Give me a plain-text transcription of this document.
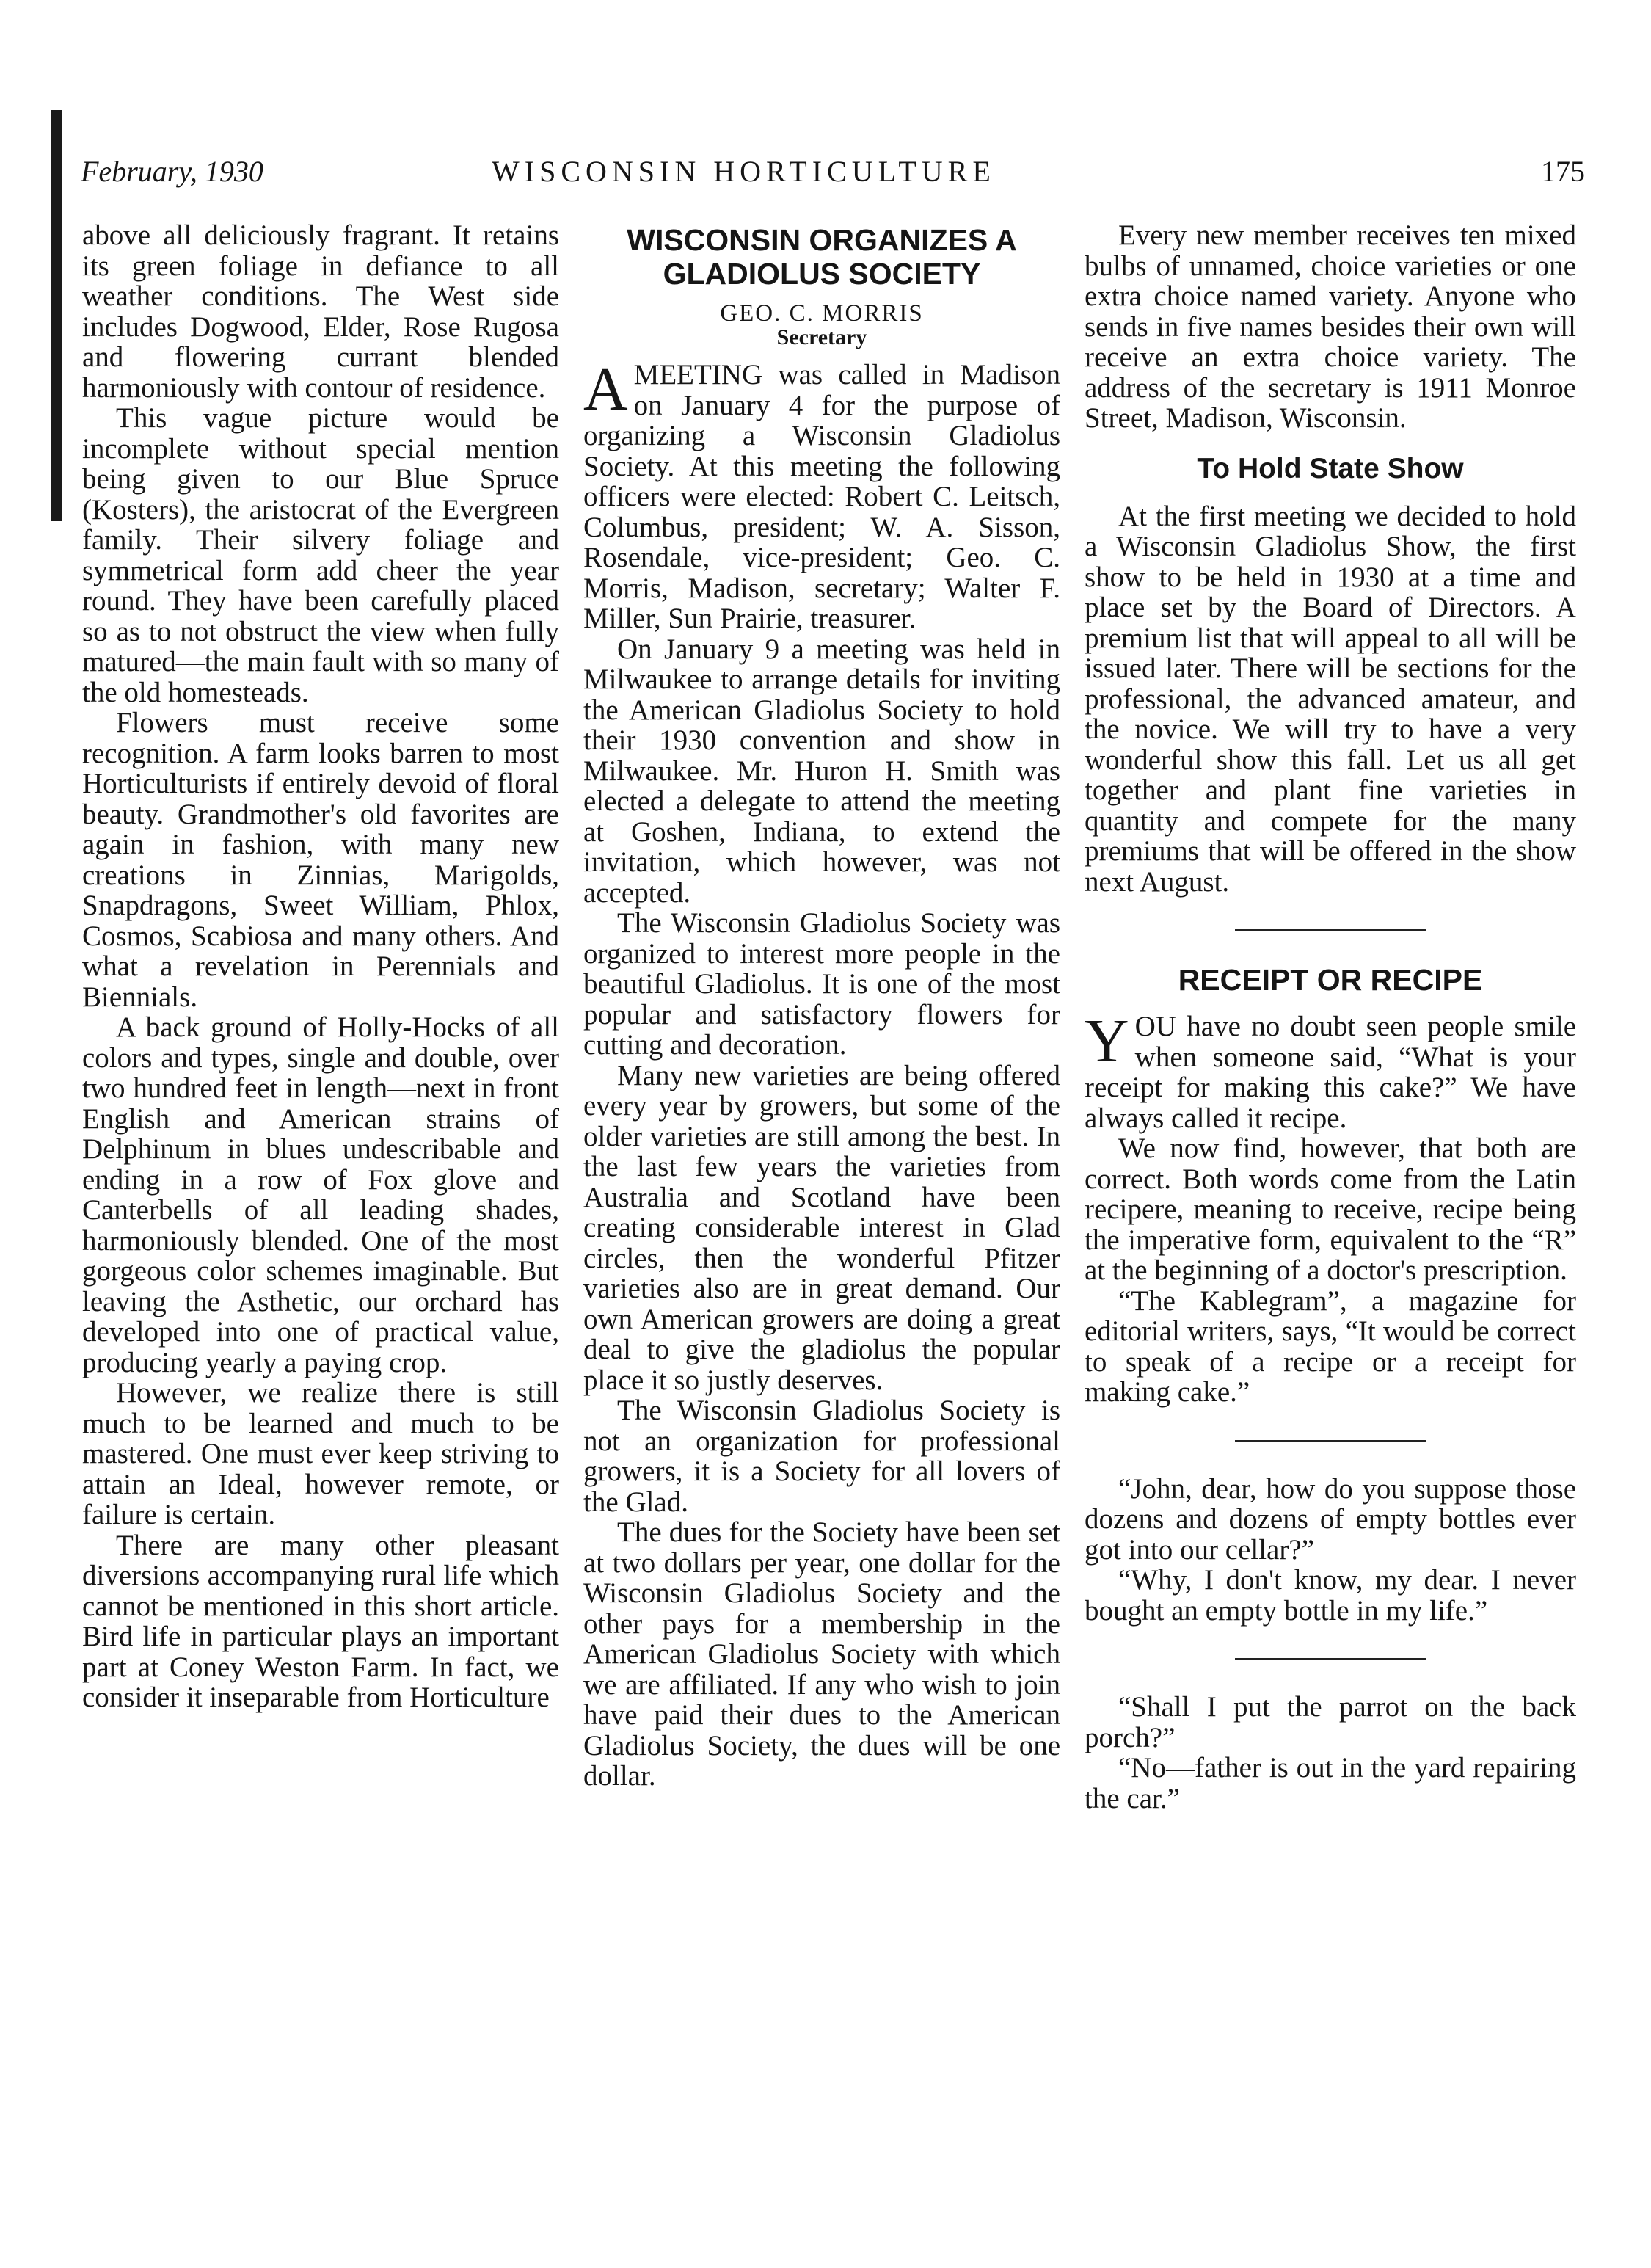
February, 1930	WISCONSIN HORTICULTURE	175

above all deliciously fragrant. It retains its green foliage in defiance to all weather conditions. The West side includes Dogwood, Elder, Rose Rugosa and flowering currant blended harmoniously with contour of residence.

This vague picture would be incomplete without special mention being given to our Blue Spruce (Kosters), the aristocrat of the Evergreen family. Their silvery foliage and symmetrical form add cheer the year round. They have been carefully placed so as to not obstruct the view when fully matured—the main fault with so many of the old homesteads.

Flowers must receive some recognition. A farm looks barren to most Horticulturists if entirely devoid of floral beauty. Grandmother's old favorites are again in fashion, with many new creations in Zinnias, Marigolds, Snapdragons, Sweet William, Phlox, Cosmos, Scabiosa and many others. And what a revelation in Perennials and Biennials.

A back ground of Holly-Hocks of all colors and types, single and double, over two hundred feet in length—next in front English and American strains of Delphinum in blues undescribable and ending in a row of Fox glove and Canterbells of all leading shades, harmoniously blended. One of the most gorgeous color schemes imaginable. But leaving the Asthetic, our orchard has developed into one of practical value, producing yearly a paying crop.

However, we realize there is still much to be learned and much to be mastered. One must ever keep striving to attain an Ideal, however remote, or failure is certain.

There are many other pleasant diversions accompanying rural life which cannot be mentioned in this short article. Bird life in particular plays an important part at Coney Weston Farm. In fact, we consider it inseparable from Horticulture

WISCONSIN ORGANIZES A GLADIOLUS SOCIETY
GEO. C. MORRIS
Secretary

AMEETING was called in Madison on January 4 for the purpose of organizing a Wisconsin Gladiolus Society. At this meeting the following officers were elected: Robert C. Leitsch, Columbus, president; W. A. Sisson, Rosendale, vice-president; Geo. C. Morris, Madison, secretary; Walter F. Miller, Sun Prairie, treasurer.

On January 9 a meeting was held in Milwaukee to arrange details for inviting the American Gladiolus Society to hold their 1930 convention and show in Milwaukee. Mr. Huron H. Smith was elected a delegate to attend the meeting at Goshen, Indiana, to extend the invitation, which however, was not accepted.

The Wisconsin Gladiolus Society was organized to interest more people in the beautiful Gladiolus. It is one of the most popular and satisfactory flowers for cutting and decoration.

Many new varieties are being offered every year by growers, but some of the older varieties are still among the best. In the last few years the varieties from Australia and Scotland have been creating considerable interest in Glad circles, then the wonderful Pfitzer varieties also are in great demand. Our own American growers are doing a great deal to give the gladiolus the popular place it so justly deserves.

The Wisconsin Gladiolus Society is not an organization for professional growers, it is a Society for all lovers of the Glad.

The dues for the Society have been set at two dollars per year, one dollar for the Wisconsin Gladiolus Society and the other pays for a membership in the American Gladiolus Society with which we are affiliated. If any who wish to join have paid their dues to the American Gladiolus Society, the dues will be one dollar.

Every new member receives ten mixed bulbs of unnamed, choice varieties or one extra choice named variety. Anyone who sends in five names besides their own will receive an extra choice variety. The address of the secretary is 1911 Monroe Street, Madison, Wisconsin.

To Hold State Show

At the first meeting we decided to hold a Wisconsin Gladiolus Show, the first show to be held in 1930 at a time and place set by the Board of Directors. A premium list that will appeal to all will be issued later. There will be sections for the professional, the advanced amateur, and the novice. We will try to have a very wonderful show this fall. Let us all get together and plant fine varieties in quantity and compete for the many premiums that will be offered in the show next August.

RECEIPT OR RECIPE

YOU have no doubt seen people smile when someone said, “What is your receipt for making this cake?” We have always called it recipe.

We now find, however, that both are correct. Both words come from the Latin recipere, meaning to receive, recipe being the imperative form, equivalent to the “R” at the beginning of a doctor's prescription.

“The Kablegram”, a magazine for editorial writers, says, “It would be correct to speak of a recipe or a receipt for making cake.”

“John, dear, how do you suppose those dozens and dozens of empty bottles ever got into our cellar?”

“Why, I don't know, my dear. I never bought an empty bottle in my life.”

“Shall I put the parrot on the back porch?”

“No—father is out in the yard repairing the car.”
